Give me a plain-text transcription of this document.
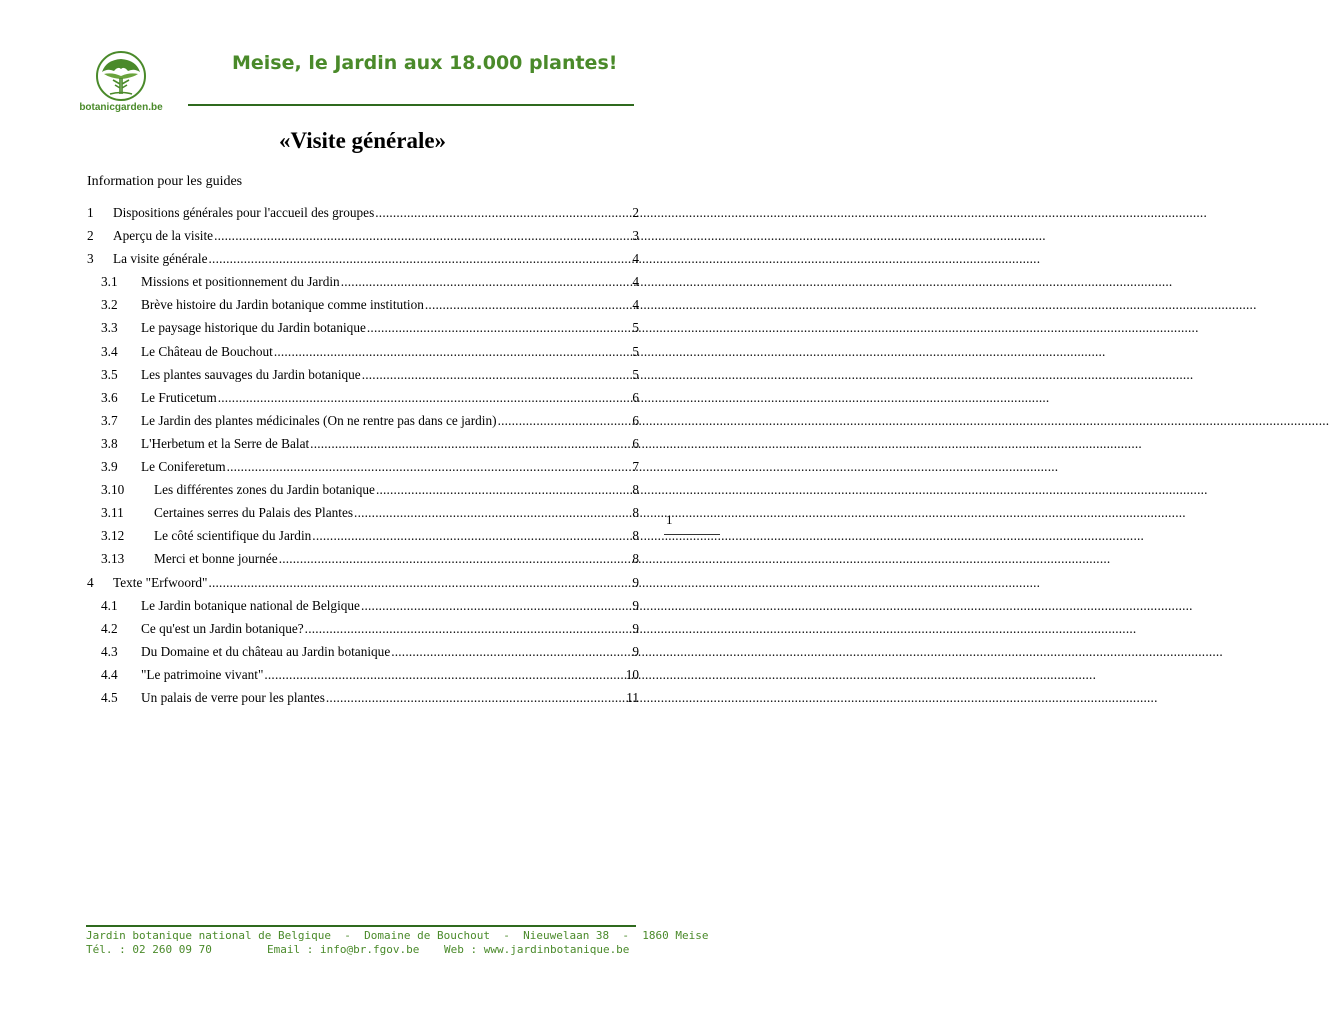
botanicgarden.be
Meise, le Jardin aux 18.000 plantes!
«Visite générale»
Information pour les guides
1	Dispositions générales pour l'accueil des groupes .....	2
2	Aperçu de la visite .....	3
3	La visite générale .....	4
3.1	Missions et positionnement du Jardin .....	4
3.2	Brève histoire du Jardin botanique comme institution .....	4
3.3	Le paysage historique du Jardin botanique .....	5
3.4	Le Château de Bouchout .....	5
3.5	Les plantes sauvages du Jardin botanique .....	5
3.6	Le Fruticetum .....	6
3.7	Le Jardin des plantes médicinales (On ne rentre pas dans ce jardin) .....	6
3.8	L'Herbetum et la Serre de Balat .....	6
3.9	Le Coniferetum .....	7
3.10	Les différentes zones du Jardin botanique .....	8
3.11	Certaines serres du Palais des Plantes .....	8
3.12	Le côté scientifique du Jardin .....	8
3.13	Merci et bonne journée .....	8
4	Texte "Erfwoord" .....	9
4.1	Le Jardin botanique national de Belgique .....	9
4.2	Ce qu'est un Jardin botanique? .....	9
4.3	Du Domaine et du château au Jardin botanique .....	9
4.4	"Le patrimoine vivant" .....	10
4.5	Un palais de verre pour les plantes .....	11
1
Jardin botanique national de Belgique  -  Domaine de Bouchout  -  Nieuwelaan 38  -  1860 Meise
Tél. : 02 260 09 70	Email : info@br.fgov.be	Web : www.jardinbotanique.be
